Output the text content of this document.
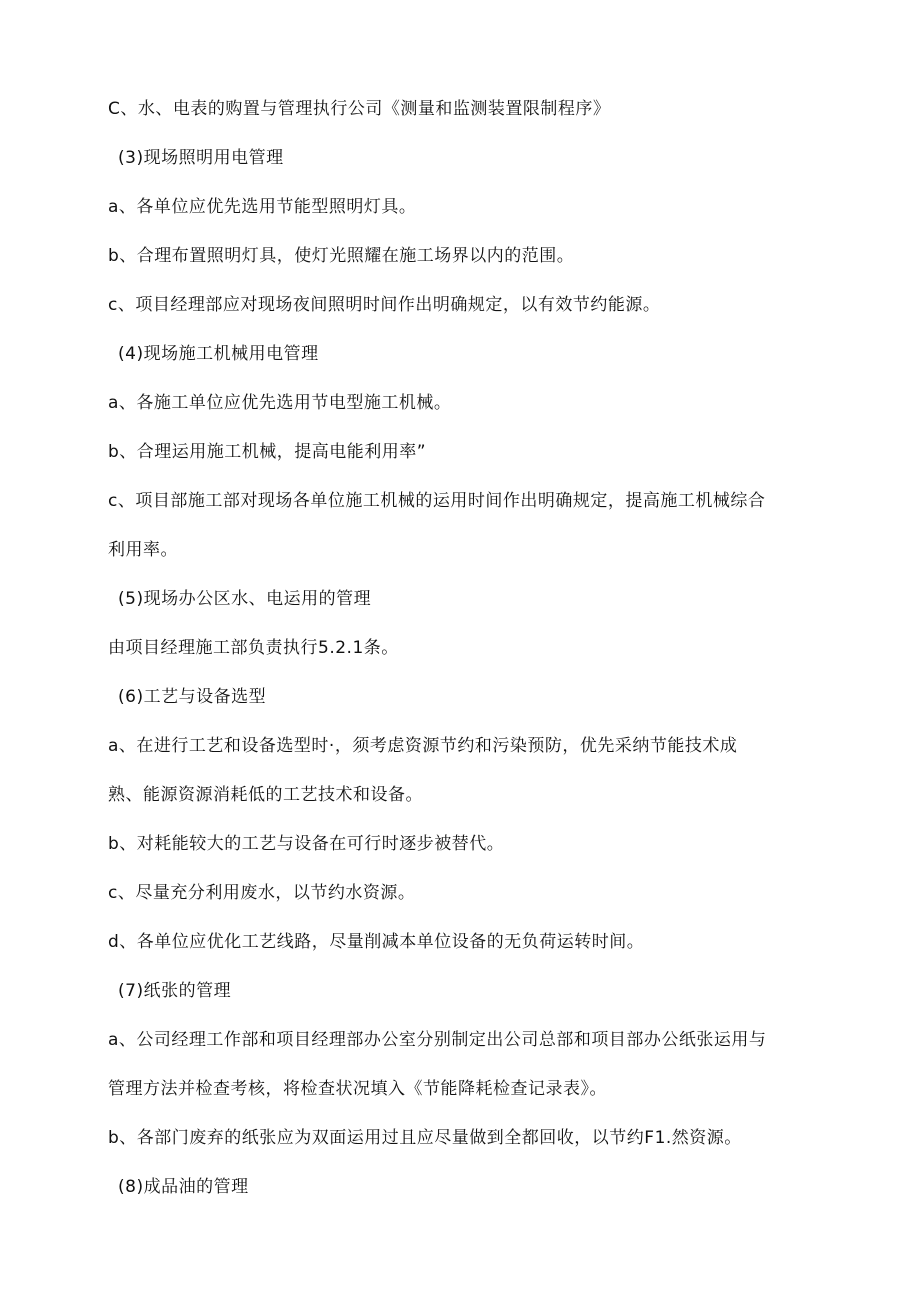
C、水、电表的购置与管理执行公司《测量和监测装置限制程序》
(3)现场照明用电管理
a、各单位应优先选用节能型照明灯具。
b、合理布置照明灯具，使灯光照耀在施工场界以内的范围。
c、项目经理部应对现场夜间照明时间作出明确规定，以有效节约能源。
(4)现场施工机械用电管理
a、各施工单位应优先选用节电型施工机械。
b、合理运用施工机械，提高电能利用率”
c、项目部施工部对现场各单位施工机械的运用时间作出明确规定，提高施工机械综合
利用率。
(5)现场办公区水、电运用的管理
由项目经理施工部负责执行5.2.1条。
(6)工艺与设备选型
a、在进行工艺和设备选型时·，须考虑资源节约和污染预防，优先采纳节能技术成
熟、能源资源消耗低的工艺技术和设备。
b、对耗能较大的工艺与设备在可行时逐步被替代。
c、尽量充分利用废水，以节约水资源。
d、各单位应优化工艺线路，尽量削减本单位设备的无负荷运转时间。
(7)纸张的管理
a、公司经理工作部和项目经理部办公室分别制定出公司总部和项目部办公纸张运用与
管理方法并检查考核，将检查状况填入《节能降耗检查记录表》。
b、各部门废弃的纸张应为双面运用过且应尽量做到全都回收，以节约F1.然资源。
(8)成品油的管理
